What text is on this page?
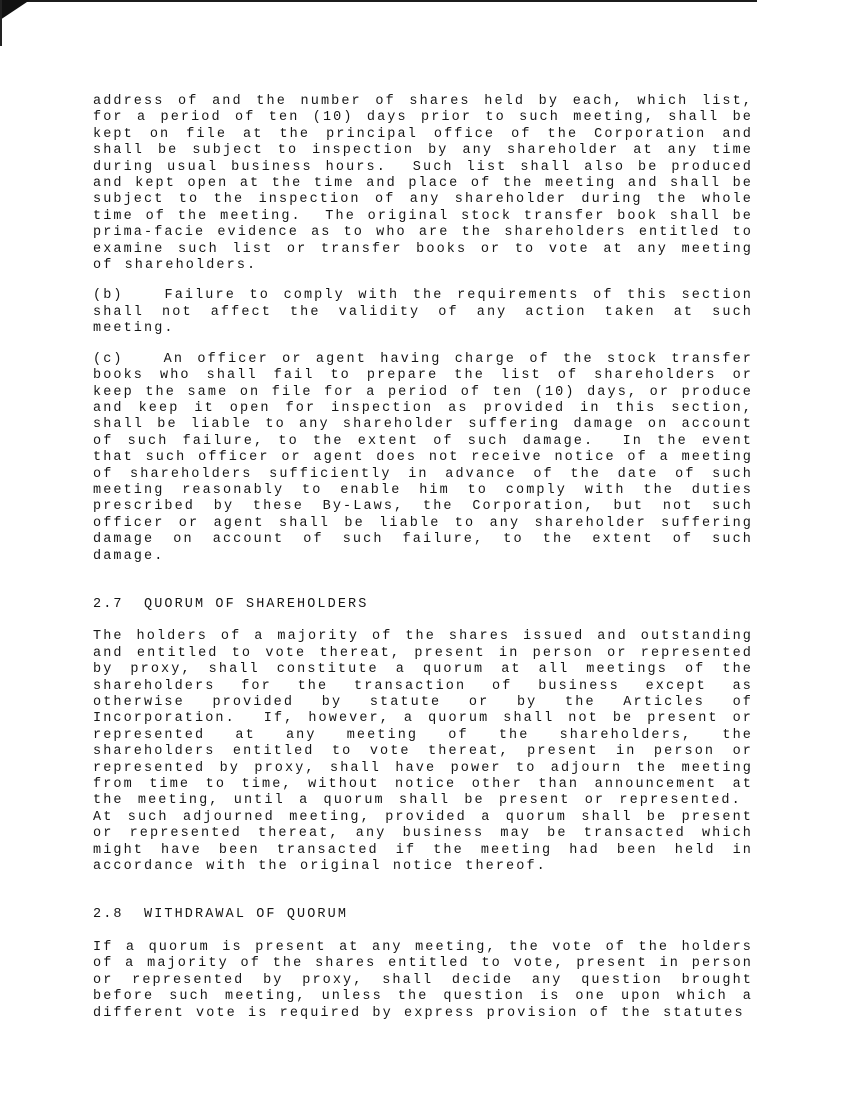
address of and the number of shares held by each, which list, for a period of ten (10) days prior to such meeting, shall be kept on file at the principal office of the Corporation and shall be subject to inspection by any shareholder at any time during usual business hours.  Such list shall also be produced and kept open at the time and place of the meeting and shall be subject to the inspection of any shareholder during the whole time of the meeting.  The original stock transfer book shall be prima-facie evidence as to who are the shareholders entitled to examine such list or transfer books or to vote at any meeting of shareholders.

(b)   Failure to comply with the requirements of this section shall not affect the validity of any action taken at such meeting.

(c)   An officer or agent having charge of the stock transfer books who shall fail to prepare the list of shareholders or keep the same on file for a period of ten (10) days, or produce and keep it open for inspection as provided in this section, shall be liable to any shareholder suffering damage on account of such failure, to the extent of such damage.  In the event that such officer or agent does not receive notice of a meeting of shareholders sufficiently in advance of the date of such meeting reasonably to enable him to comply with the duties prescribed by these By-Laws, the Corporation, but not such officer or agent shall be liable to any shareholder suffering damage on account of such failure, to the extent of such damage.

2.7  QUORUM OF SHAREHOLDERS

The holders of a majority of the shares issued and outstanding and entitled to vote thereat, present in person or represented by proxy, shall constitute a quorum at all meetings of the shareholders for the transaction of business except as otherwise provided by statute or by the Articles of Incorporation.  If, however, a quorum shall not be present or represented at any meeting of the shareholders, the shareholders entitled to vote thereat, present in person or represented by proxy, shall have power to adjourn the meeting from time to time, without notice other than announcement at the meeting, until a quorum shall be present or represented.  At such adjourned meeting, provided a quorum shall be present or represented thereat, any business may be transacted which might have been transacted if the meeting had been held in accordance with the original notice thereof.

2.8  WITHDRAWAL OF QUORUM

If a quorum is present at any meeting, the vote of the holders of a majority of the shares entitled to vote, present in person or represented by proxy, shall decide any question brought before such meeting, unless the question is one upon which a different vote is required by express provision of the statutes
